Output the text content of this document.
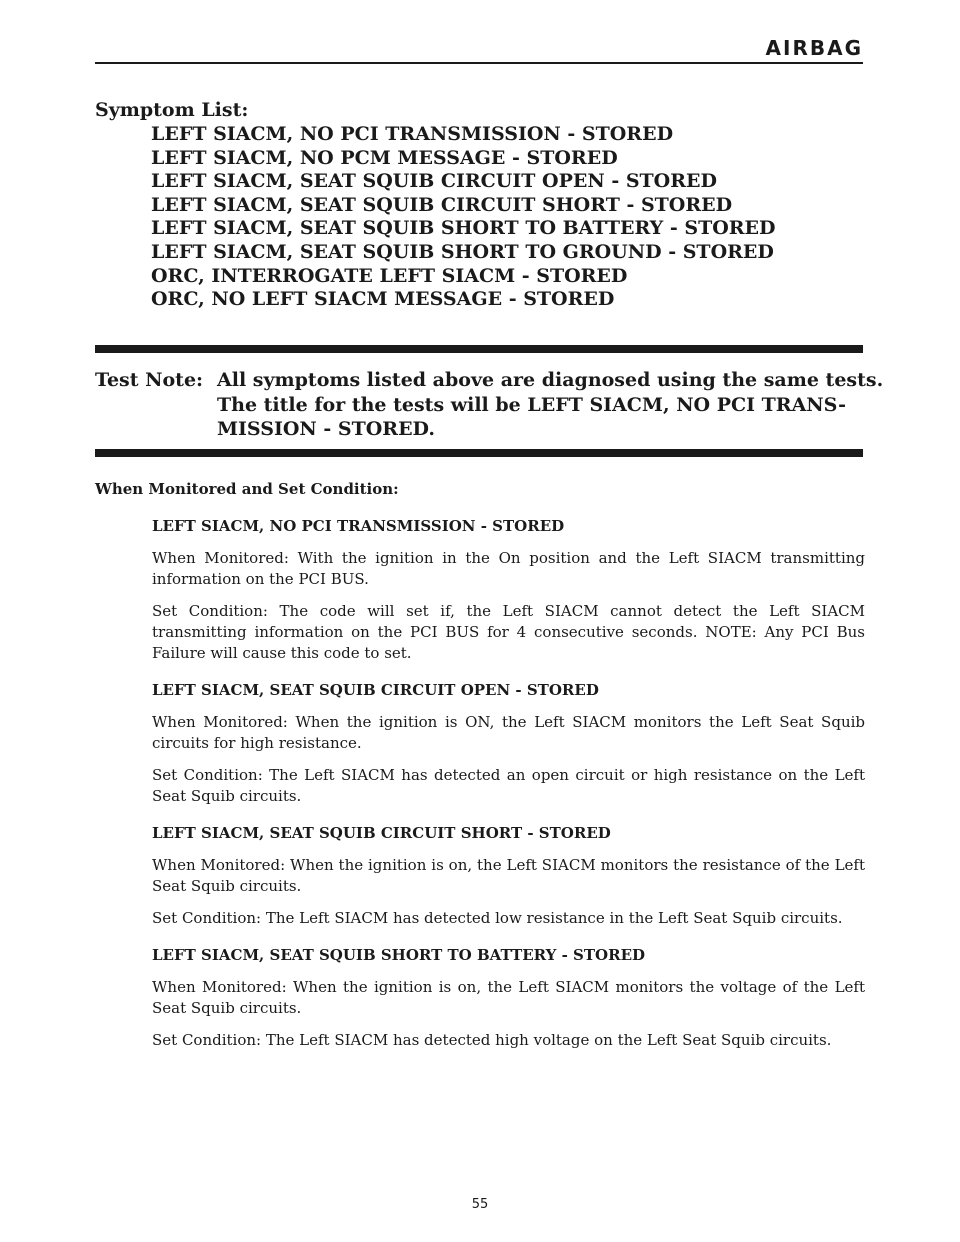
AIRBAG
Symptom List:
LEFT SIACM, NO PCI TRANSMISSION - STORED
LEFT SIACM, NO PCM MESSAGE - STORED
LEFT SIACM, SEAT SQUIB CIRCUIT OPEN - STORED
LEFT SIACM, SEAT SQUIB CIRCUIT SHORT - STORED
LEFT SIACM, SEAT SQUIB SHORT TO BATTERY - STORED
LEFT SIACM, SEAT SQUIB SHORT TO GROUND - STORED
ORC, INTERROGATE LEFT SIACM - STORED
ORC, NO LEFT SIACM MESSAGE - STORED
Test Note: All symptoms listed above are diagnosed using the same tests.
The title for the tests will be LEFT SIACM, NO PCI TRANS-
MISSION - STORED.

When Monitored and Set Condition:

LEFT SIACM, NO PCI TRANSMISSION - STORED

When Monitored: With the ignition in the On position and the Left SIACM transmitting information on the PCI BUS.

Set Condition: The code will set if, the Left SIACM cannot detect the Left SIACM transmitting information on the PCI BUS for 4 consecutive seconds. NOTE: Any PCI Bus Failure will cause this code to set.

LEFT SIACM, SEAT SQUIB CIRCUIT OPEN - STORED

When Monitored: When the ignition is ON, the Left SIACM monitors the Left Seat Squib circuits for high resistance.

Set Condition: The Left SIACM has detected an open circuit or high resistance on the Left Seat Squib circuits.

LEFT SIACM, SEAT SQUIB CIRCUIT SHORT - STORED

When Monitored: When the ignition is on, the Left SIACM monitors the resistance of the Left Seat Squib circuits.

Set Condition: The Left SIACM has detected low resistance in the Left Seat Squib circuits.

LEFT SIACM, SEAT SQUIB SHORT TO BATTERY - STORED

When Monitored: When the ignition is on, the Left SIACM monitors the voltage of the Left Seat Squib circuits.

Set Condition: The Left SIACM has detected high voltage on the Left Seat Squib circuits.

55
